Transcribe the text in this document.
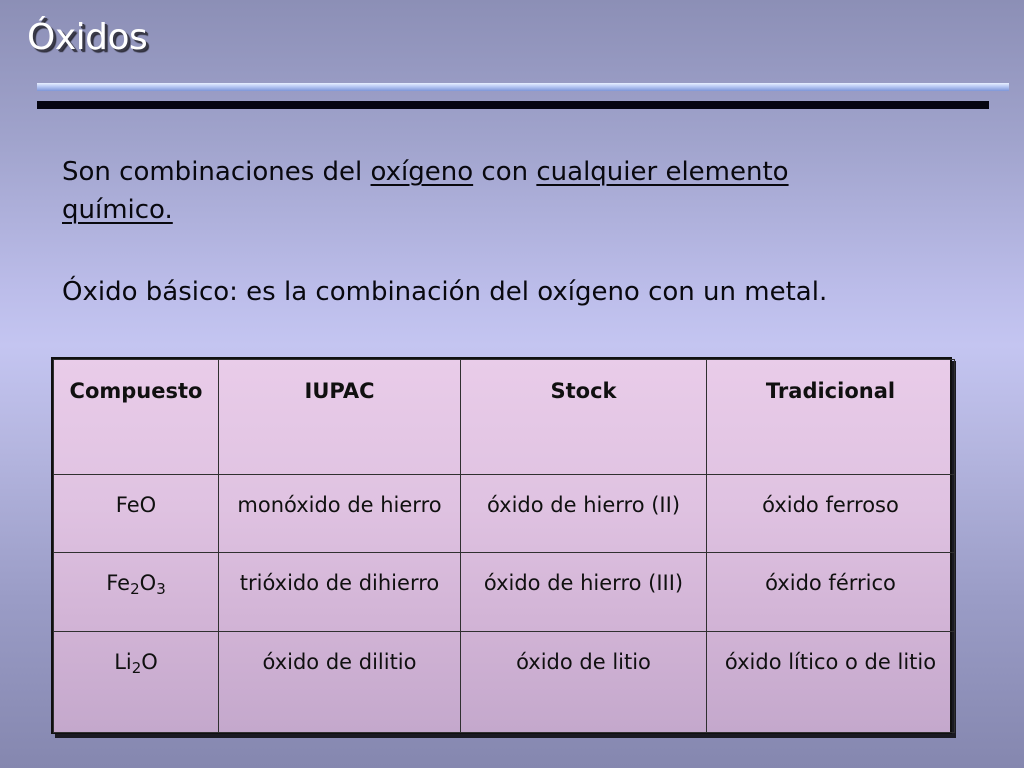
Óxidos
Son combinaciones del oxígeno con cualquier elemento químico.
Óxido básico: es la combinación del oxígeno con un metal.
Compuesto	IUPAC	Stock	Tradicional
FeO	monóxido de hierro	óxido de hierro (II)	óxido ferroso
$Fe_2O_3$	trióxido de dihierro	óxido de hierro (III)	óxido férrico
$Li_2O$	óxido de dilitio	óxido de litio	óxido lítico o de litio
